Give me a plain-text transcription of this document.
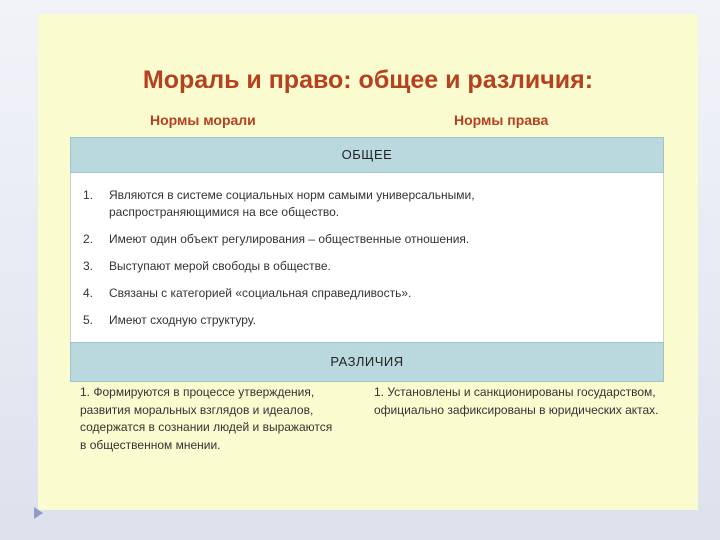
Мораль и право: общее и различия:
Нормы морали	Нормы права
ОБЩЕЕ
1. Являются в системе социальных норм самыми универсальными, распространяющимися на все общество.
2. Имеют один объект регулирования – общественные отношения.
3. Выступают мерой свободы в обществе.
4. Связаны с категорией «социальная справедливость».
5. Имеют сходную структуру.
РАЗЛИЧИЯ
1. Формируются в процессе утверждения, развития моральных взглядов и идеалов, содержатся в сознании людей и выражаются в общественном мнении.
1. Установлены и санкционированы государством, официально зафиксированы в юридических актах.
